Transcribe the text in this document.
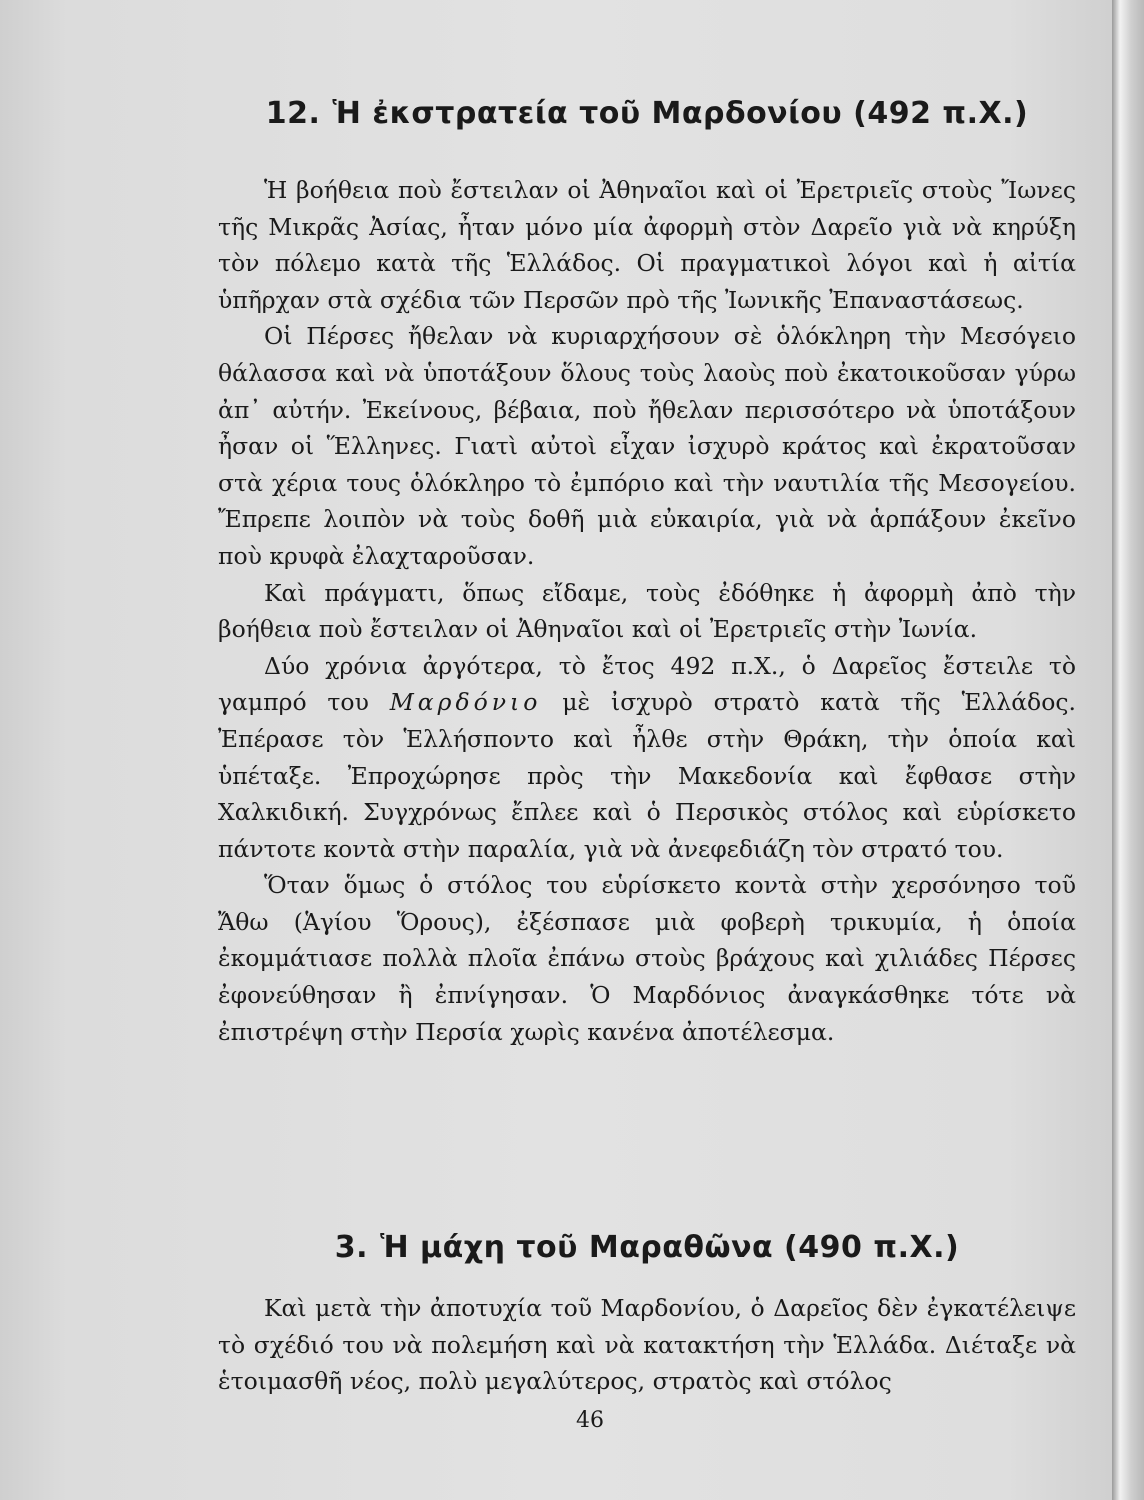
12. Ἡ ἐκστρατεία τοῦ Μαρδονίου (492 π.Χ.)

Ἡ βοήθεια ποὺ ἔστειλαν οἱ Ἀθηναῖοι καὶ οἱ Ἐρετριεῖς στοὺς Ἴωνες τῆς Μικρᾶς Ἀσίας, ἦταν μόνο μία ἀφορμὴ στὸν Δαρεῖο γιὰ νὰ κηρύξη τὸν πόλεμο κατὰ τῆς Ἑλλάδος. Οἱ πραγματικοὶ λόγοι καὶ ἡ αἰτία ὑπῆρχαν στὰ σχέδια τῶν Περσῶν πρὸ τῆς Ἰωνικῆς Ἐπαναστάσεως.

Οἱ Πέρσες ἤθελαν νὰ κυριαρχήσουν σὲ ὁλόκληρη τὴν Μεσόγειο θάλασσα καὶ νὰ ὑποτάξουν ὅλους τοὺς λαοὺς ποὺ ἐκατοικοῦσαν γύρω ἀπ᾽ αὐτήν. Ἐκείνους, βέβαια, ποὺ ἤθελαν περισσότερο νὰ ὑποτάξουν ἦσαν οἱ Ἕλληνες. Γιατὶ αὐτοὶ εἶχαν ἰσχυρὸ κράτος καὶ ἐκρατοῦσαν στὰ χέρια τους ὁλόκληρο τὸ ἐμπόριο καὶ τὴν ναυτιλία τῆς Μεσογείου. Ἔπρεπε λοιπὸν νὰ τοὺς δοθῆ μιὰ εὐκαιρία, γιὰ νὰ ἁρπάξουν ἐκεῖνο ποὺ κρυφὰ ἐλαχταροῦσαν.

Καὶ πράγματι, ὅπως εἴδαμε, τοὺς ἐδόθηκε ἡ ἀφορμὴ ἀπὸ τὴν βοήθεια ποὺ ἔστειλαν οἱ Ἀθηναῖοι καὶ οἱ Ἐρετριεῖς στὴν Ἰωνία.

Δύο χρόνια ἀργότερα, τὸ ἔτος 492 π.Χ., ὁ Δαρεῖος ἔστειλε τὸ γαμπρό του Μαρδόνιο μὲ ἰσχυρὸ στρατὸ κατὰ τῆς Ἑλλάδος. Ἐπέρασε τὸν Ἑλλήσποντο καὶ ἦλθε στὴν Θράκη, τὴν ὁποία καὶ ὑπέταξε. Ἐπροχώρησε πρὸς τὴν Μακεδονία καὶ ἔφθασε στὴν Χαλκιδική. Συγχρόνως ἔπλεε καὶ ὁ Περσικὸς στόλος καὶ εὑρίσκετο πάντοτε κοντὰ στὴν παραλία, γιὰ νὰ ἀνεφεδιάζη τὸν στρατό του.

Ὅταν ὅμως ὁ στόλος του εὑρίσκετο κοντὰ στὴν χερσόνησο τοῦ Ἄθω (Ἁγίου Ὅρους), ἐξέσπασε μιὰ φοβερὴ τρικυμία, ἡ ὁποία ἐκομμάτιασε πολλὰ πλοῖα ἐπάνω στοὺς βράχους καὶ χιλιάδες Πέρσες ἐφονεύθησαν ἢ ἐπνίγησαν. Ὁ Μαρδόνιος ἀναγκάσθηκε τότε νὰ ἐπιστρέψη στὴν Περσία χωρὶς κανένα ἀποτέλεσμα.

3. Ἡ μάχη τοῦ Μαραθῶνα (490 π.Χ.)

Καὶ μετὰ τὴν ἀποτυχία τοῦ Μαρδονίου, ὁ Δαρεῖος δὲν ἐγκατέλειψε τὸ σχέδιό του νὰ πολεμήση καὶ νὰ κατακτήση τὴν Ἑλλάδα. Διέταξε νὰ ἑτοιμασθῆ νέος, πολὺ μεγαλύτερος, στρατὸς καὶ στόλος

46
